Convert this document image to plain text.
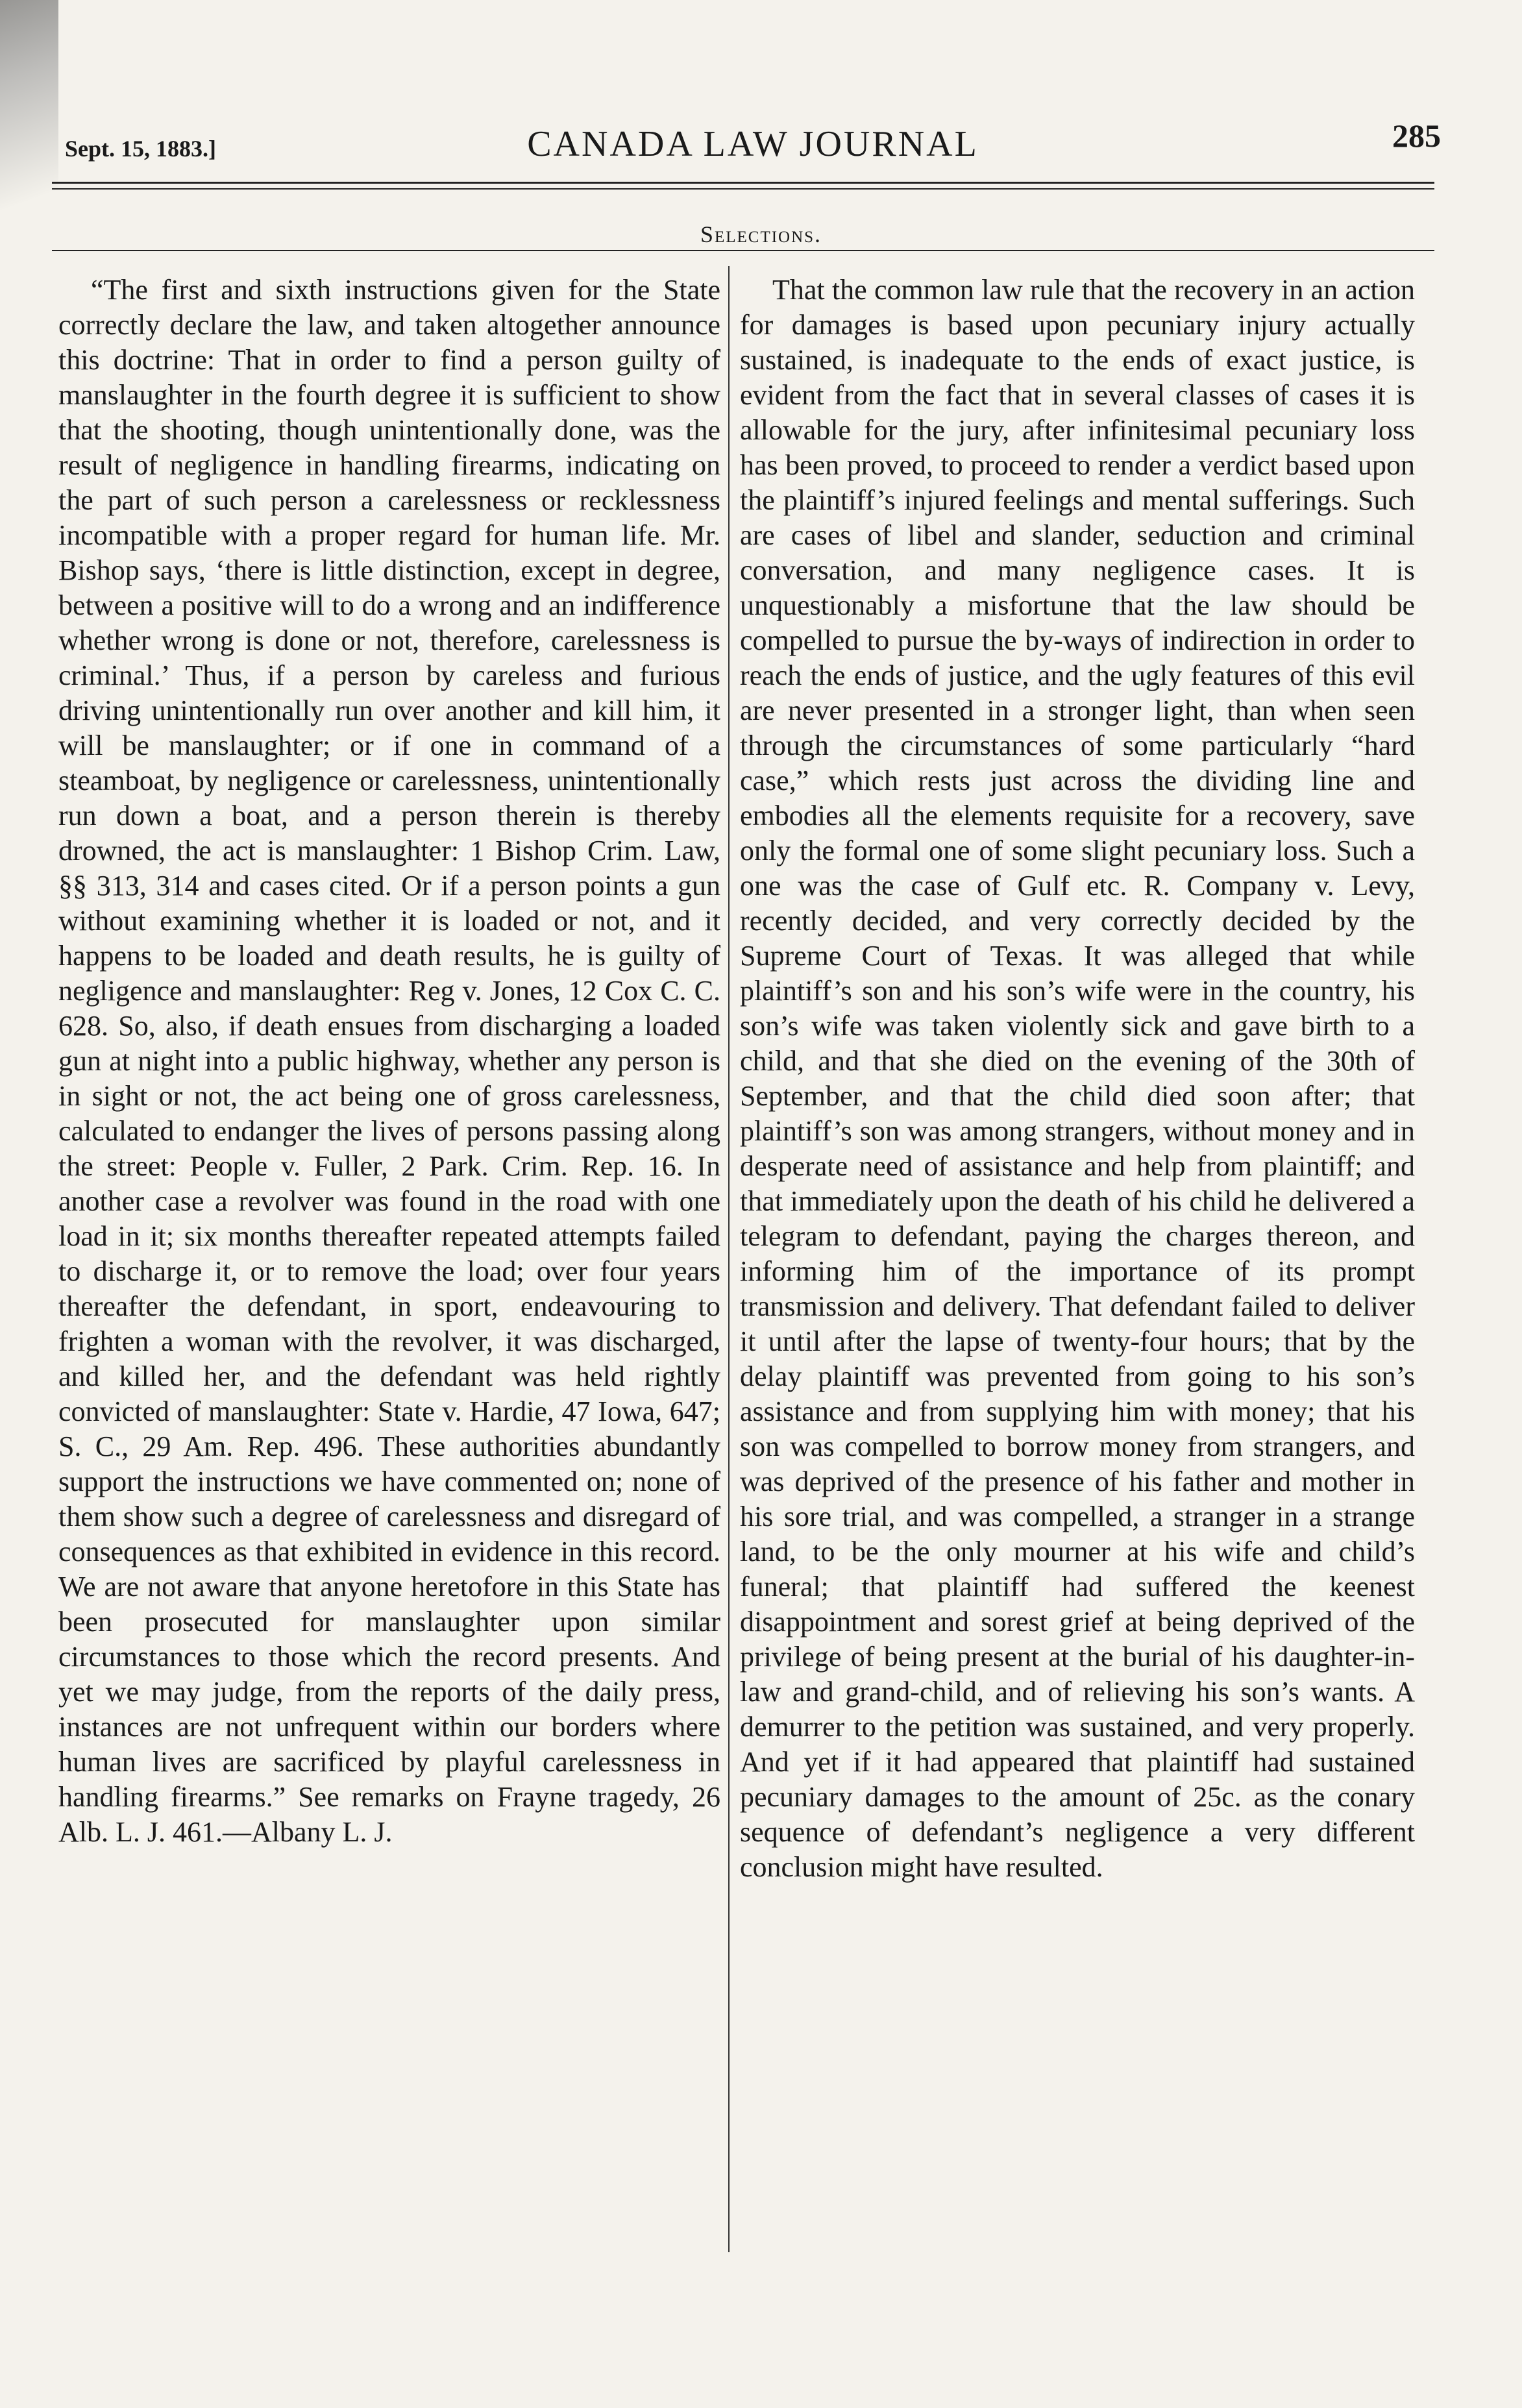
Sept. 15, 1883.]	CANADA LAW JOURNAL	285
Selections.

“The first and sixth instructions given for the State correctly declare the law, and taken altogether announce this doctrine: That in order to find a person guilty of manslaughter in the fourth degree it is sufficient to show that the shooting, though unintentionally done, was the result of negligence in handling firearms, indicating on the part of such person a carelessness or recklessness incompatible with a proper regard for human life. Mr. Bishop says, ‘there is little distinction, except in degree, between a positive will to do a wrong and an indifference whether wrong is done or not, therefore, carelessness is criminal.’ Thus, if a person by careless and furious driving unintentionally run over another and kill him, it will be manslaughter; or if one in command of a steamboat, by negligence or carelessness, unintentionally run down a boat, and a person therein is thereby drowned, the act is manslaughter: 1 Bishop Crim. Law, §§ 313, 314 and cases cited. Or if a person points a gun without examining whether it is loaded or not, and it happens to be loaded and death results, he is guilty of negligence and manslaughter: Reg v. Jones, 12 Cox C. C. 628. So, also, if death ensues from discharging a loaded gun at night into a public highway, whether any person is in sight or not, the act being one of gross carelessness, calculated to endanger the lives of persons passing along the street: People v. Fuller, 2 Park. Crim. Rep. 16. In another case a revolver was found in the road with one load in it; six months thereafter repeated attempts failed to discharge it, or to remove the load; over four years thereafter the defendant, in sport, endeavouring to frighten a woman with the revolver, it was discharged, and killed her, and the defendant was held rightly convicted of manslaughter: State v. Hardie, 47 Iowa, 647; S. C., 29 Am. Rep. 496. These authorities abundantly support the instructions we have commented on; none of them show such a degree of carelessness and disregard of consequences as that exhibited in evidence in this record. We are not aware that anyone heretofore in this State has been prosecuted for manslaughter upon similar circumstances to those which the record presents. And yet we may judge, from the reports of the daily press, instances are not unfrequent within our borders where human lives are sacrificed by playful carelessness in handling firearms.” See remarks on Frayne tragedy, 26 Alb. L. J. 461.—Albany L. J.

That the common law rule that the recovery in an action for damages is based upon pecuniary injury actually sustained, is inadequate to the ends of exact justice, is evident from the fact that in several classes of cases it is allowable for the jury, after infinitesimal pecuniary loss has been proved, to proceed to render a verdict based upon the plaintiff’s injured feelings and mental sufferings. Such are cases of libel and slander, seduction and criminal conversation, and many negligence cases. It is unquestionably a misfortune that the law should be compelled to pursue the by-ways of indirection in order to reach the ends of justice, and the ugly features of this evil are never presented in a stronger light, than when seen through the circumstances of some particularly “hard case,” which rests just across the dividing line and embodies all the elements requisite for a recovery, save only the formal one of some slight pecuniary loss. Such a one was the case of Gulf etc. R. Company v. Levy, recently decided, and very correctly decided by the Supreme Court of Texas. It was alleged that while plaintiff’s son and his son’s wife were in the country, his son’s wife was taken violently sick and gave birth to a child, and that she died on the evening of the 30th of September, and that the child died soon after; that plaintiff’s son was among strangers, without money and in desperate need of assistance and help from plaintiff; and that immediately upon the death of his child he delivered a telegram to defendant, paying the charges thereon, and informing him of the importance of its prompt transmission and delivery. That defendant failed to deliver it until after the lapse of twenty-four hours; that by the delay plaintiff was prevented from going to his son’s assistance and from supplying him with money; that his son was compelled to borrow money from strangers, and was deprived of the presence of his father and mother in his sore trial, and was compelled, a stranger in a strange land, to be the only mourner at his wife and child’s funeral; that plaintiff had suffered the keenest disappointment and sorest grief at being deprived of the privilege of being present at the burial of his daughter-in-law and grand-child, and of relieving his son’s wants. A demurrer to the petition was sustained, and very properly. And yet if it had appeared that plaintiff had sustained pecuniary damages to the amount of 25c. as the conary sequence of defendant’s negligence a very different conclusion might have resulted.
